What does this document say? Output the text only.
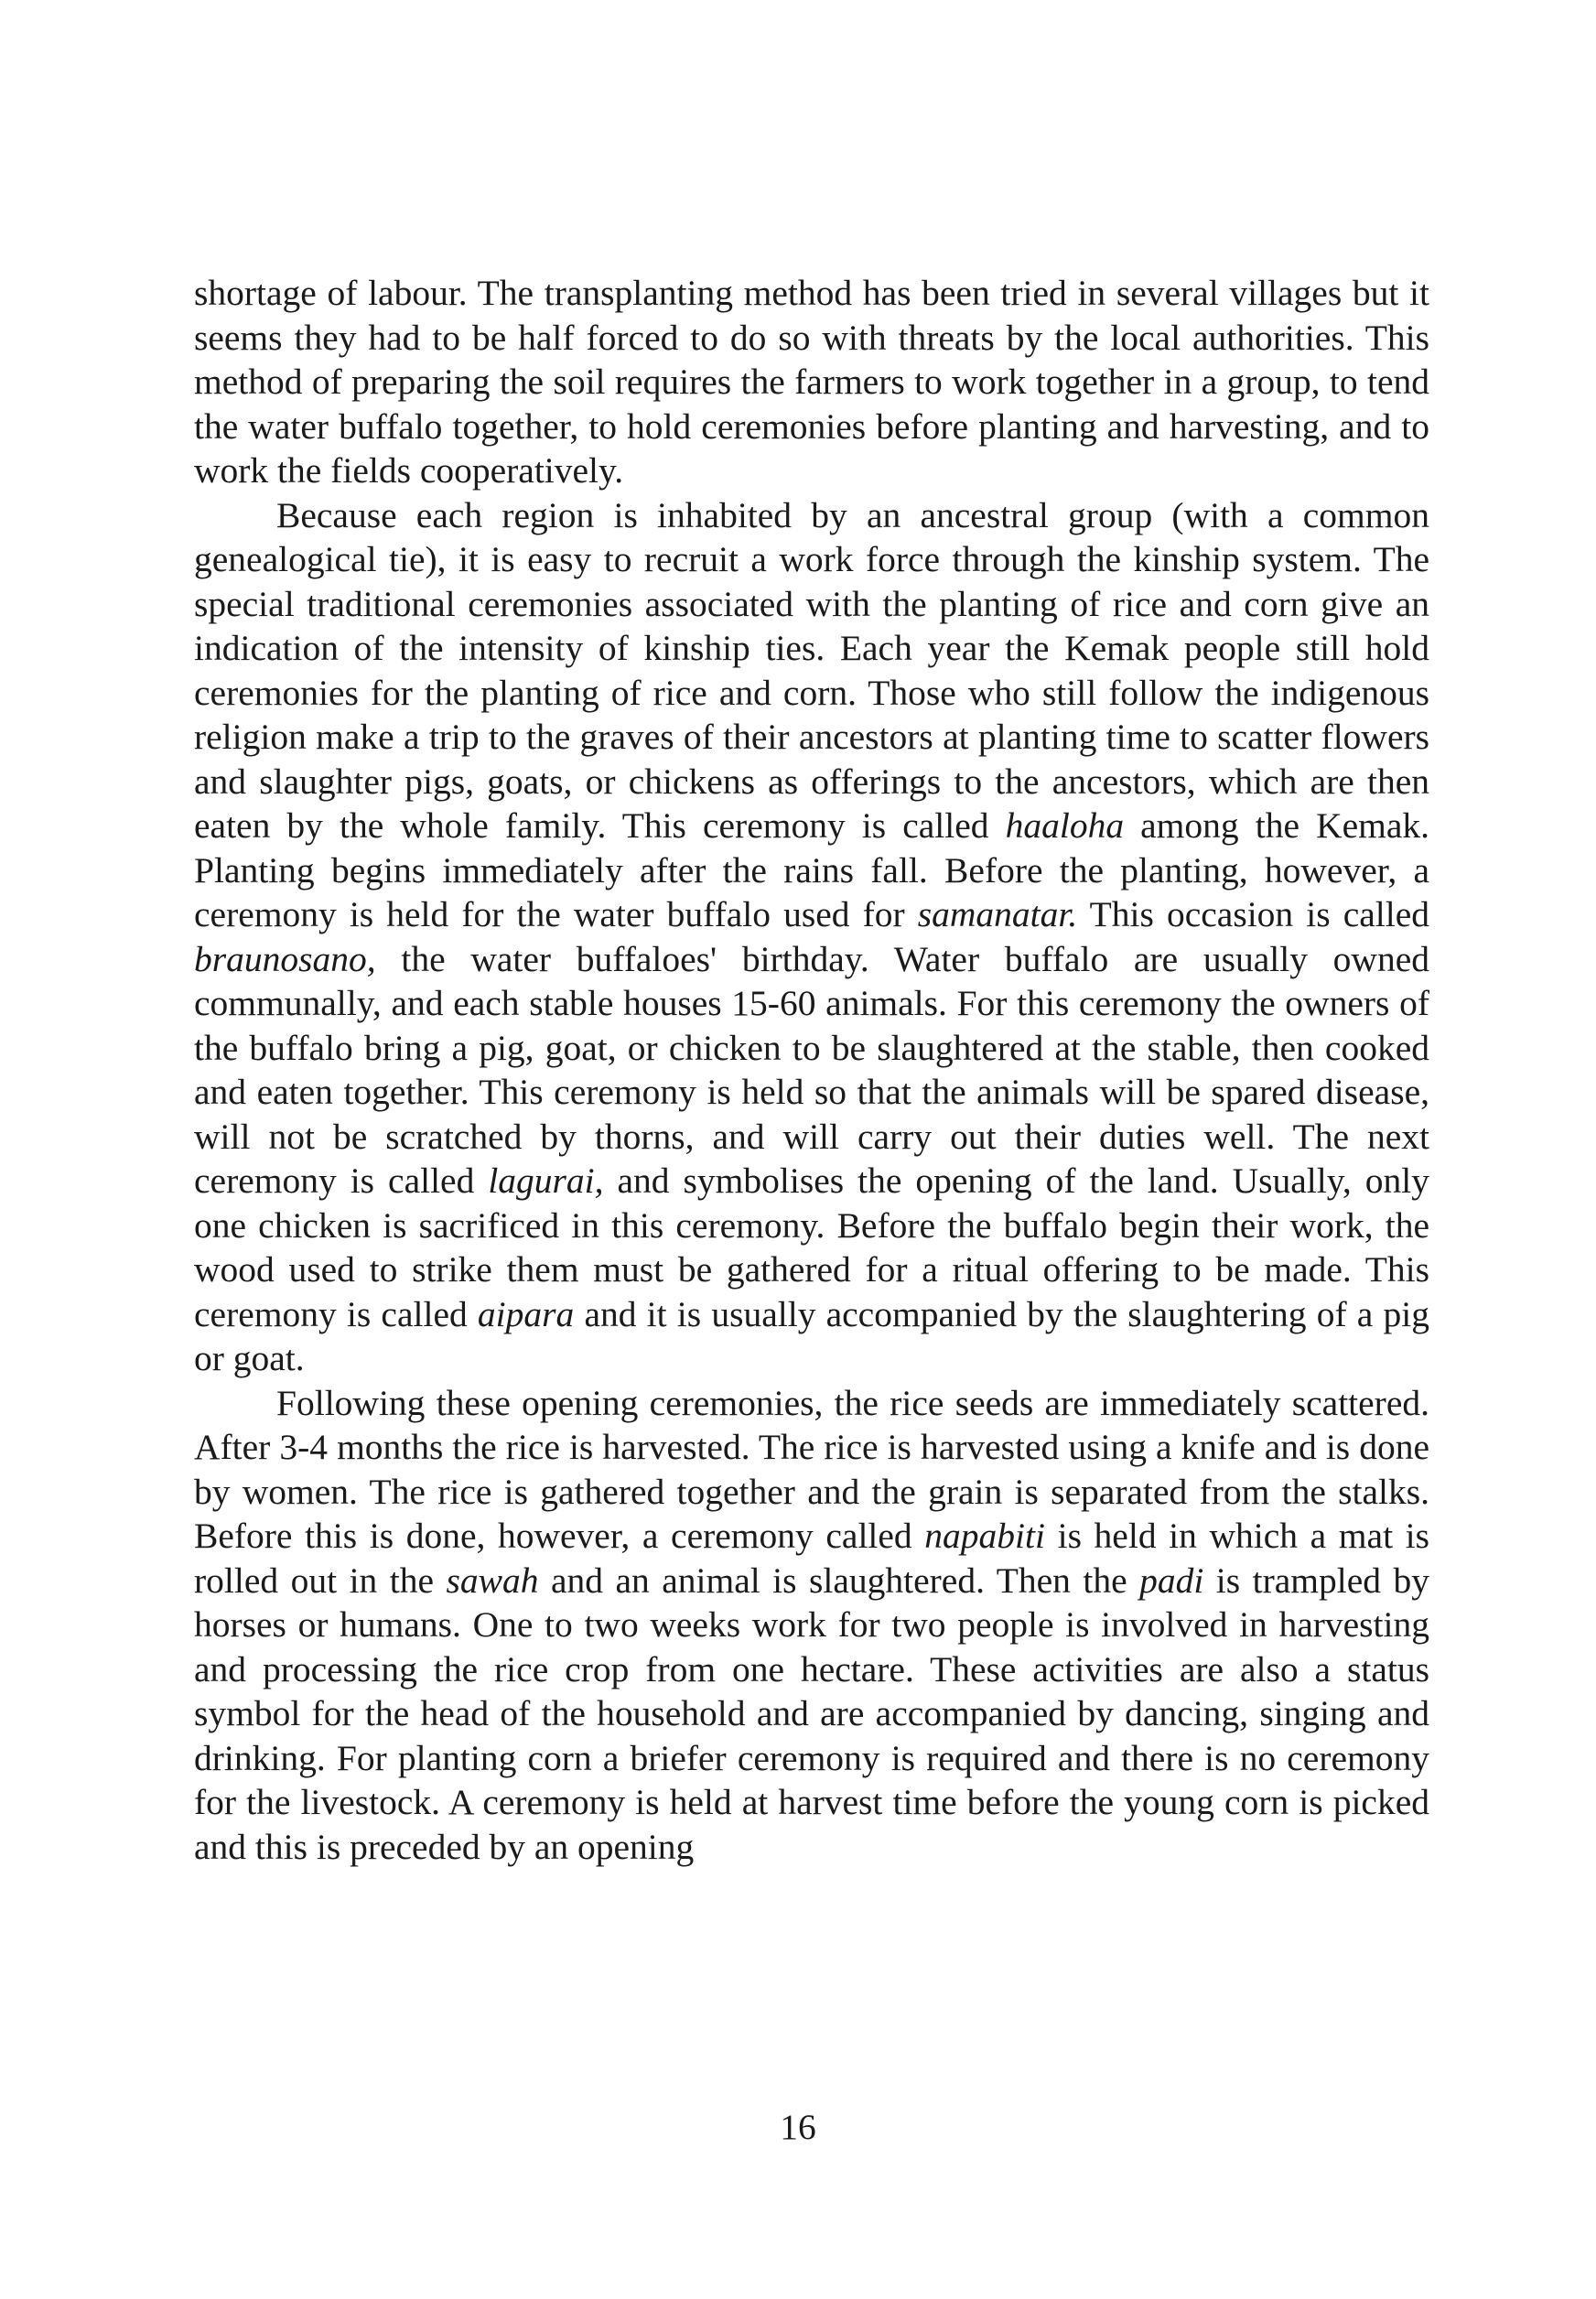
shortage of labour. The transplanting method has been tried in several villages but it seems they had to be half forced to do so with threats by the local authorities. This method of preparing the soil requires the farmers to work together in a group, to tend the water buffalo together, to hold ceremonies before planting and harvesting, and to work the fields cooperatively.

Because each region is inhabited by an ancestral group (with a common genealogical tie), it is easy to recruit a work force through the kinship system. The special traditional ceremonies associated with the planting of rice and corn give an indication of the intensity of kinship ties. Each year the Kemak people still hold ceremonies for the planting of rice and corn. Those who still follow the indigenous religion make a trip to the graves of their ancestors at planting time to scatter flowers and slaughter pigs, goats, or chickens as offerings to the ancestors, which are then eaten by the whole family. This ceremony is called haaloha among the Kemak. Planting begins immediately after the rains fall. Before the planting, however, a ceremony is held for the water buffalo used for samanatar. This occasion is called braunosano, the water buffaloes' birthday. Water buffalo are usually owned communally, and each stable houses 15-60 animals. For this ceremony the owners of the buffalo bring a pig, goat, or chicken to be slaughtered at the stable, then cooked and eaten together. This ceremony is held so that the animals will be spared disease, will not be scratched by thorns, and will carry out their duties well. The next ceremony is called lagurai, and symbolises the opening of the land. Usually, only one chicken is sacrificed in this ceremony. Before the buffalo begin their work, the wood used to strike them must be gathered for a ritual offering to be made. This ceremony is called aipara and it is usually accompanied by the slaughtering of a pig or goat.

Following these opening ceremonies, the rice seeds are immediately scattered. After 3-4 months the rice is harvested. The rice is harvested using a knife and is done by women. The rice is gathered together and the grain is separated from the stalks. Before this is done, however, a ceremony called napabiti is held in which a mat is rolled out in the sawah and an animal is slaughtered. Then the padi is trampled by horses or humans. One to two weeks work for two people is involved in harvesting and processing the rice crop from one hectare. These activities are also a status symbol for the head of the household and are accompanied by dancing, singing and drinking. For planting corn a briefer ceremony is required and there is no ceremony for the livestock. A ceremony is held at harvest time before the young corn is picked and this is preceded by an opening

16
